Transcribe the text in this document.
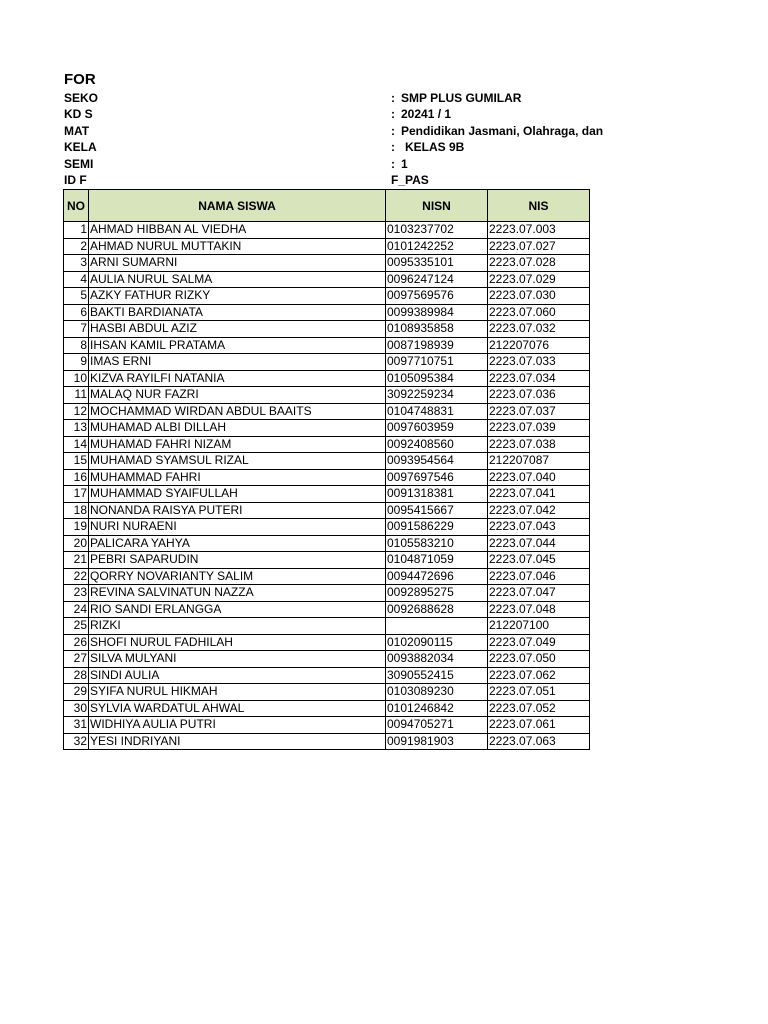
FOR
SEKO	: SMP PLUS GUMILAR
KD S	: 20241 / 1
MAT	: Pendidikan Jasmani, Olahraga, dan
KELA	: KELAS 9B
SEMI	: 1
ID F	F_PAS
NO	NAMA SISWA	NISN	NIS
1	AHMAD HIBBAN AL VIEDHA	0103237702	2223.07.003
2	AHMAD NURUL MUTTAKIN	0101242252	2223.07.027
3	ARNI SUMARNI	0095335101	2223.07.028
4	AULIA NURUL SALMA	0096247124	2223.07.029
5	AZKY FATHUR RIZKY	0097569576	2223.07.030
6	BAKTI BARDIANATA	0099389984	2223.07.060
7	HASBI ABDUL AZIZ	0108935858	2223.07.032
8	IHSAN KAMIL PRATAMA	0087198939	212207076
9	IMAS ERNI	0097710751	2223.07.033
10	KIZVA RAYILFI NATANIA	0105095384	2223.07.034
11	MALAQ NUR FAZRI	3092259234	2223.07.036
12	MOCHAMMAD WIRDAN ABDUL BAAITS	0104748831	2223.07.037
13	MUHAMAD ALBI DILLAH	0097603959	2223.07.039
14	MUHAMAD FAHRI NIZAM	0092408560	2223.07.038
15	MUHAMAD SYAMSUL RIZAL	0093954564	212207087
16	MUHAMMAD FAHRI	0097697546	2223.07.040
17	MUHAMMAD SYAIFULLAH	0091318381	2223.07.041
18	NONANDA RAISYA PUTERI	0095415667	2223.07.042
19	NURI NURAENI	0091586229	2223.07.043
20	PALICARA YAHYA	0105583210	2223.07.044
21	PEBRI SAPARUDIN	0104871059	2223.07.045
22	QORRY NOVARIANTY SALIM	0094472696	2223.07.046
23	REVINA SALVINATUN NAZZA	0092895275	2223.07.047
24	RIO SANDI ERLANGGA	0092688628	2223.07.048
25	RIZKI		212207100
26	SHOFI NURUL FADHILAH	0102090115	2223.07.049
27	SILVA MULYANI	0093882034	2223.07.050
28	SINDI AULIA	3090552415	2223.07.062
29	SYIFA NURUL HIKMAH	0103089230	2223.07.051
30	SYLVIA WARDATUL AHWAL	0101246842	2223.07.052
31	WIDHIYA AULIA PUTRI	0094705271	2223.07.061
32	YESI INDRIYANI	0091981903	2223.07.063
